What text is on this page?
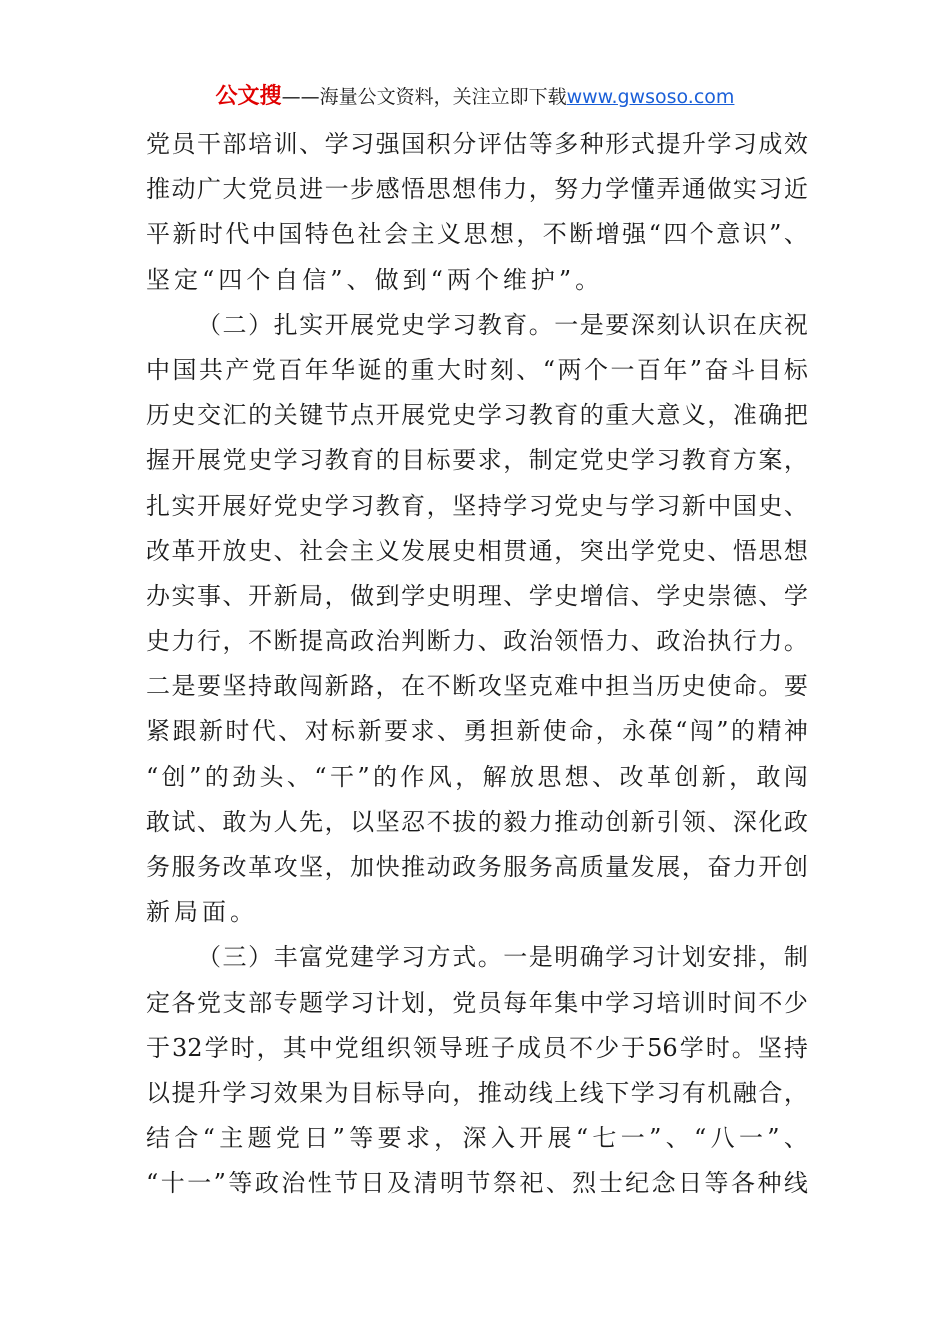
公文搜——海量公文资料，关注立即下载www.gwsoso.com
党 员 干 部 培 训 、 学 习 强 国 积 分 评 估 等 多 种 形 式 提 升 学 习 成 效
推 动 广 大 党 员 进 一 步 感 悟 思 想 伟 力 ， 努 力 学 懂 弄 通 做 实 习 近
平 新 时 代 中 国 特 色 社 会 主 义 思 想 ， 不 断 增 强 “ 四 个 意 识 ” 、
坚 定 “ 四 个 自 信 ” 、 做 到 “ 两 个 维 护 ” 。

（ 二 ） 扎 实 开 展 党 史 学 习 教 育 。 一 是 要 深 刻 认 识 在 庆 祝
中 国 共 产 党 百 年 华 诞 的 重 大 时 刻 、 “ 两 个 一 百 年 ” 奋 斗 目 标
历 史 交 汇 的 关 键 节 点 开 展 党 史 学 习 教 育 的 重 大 意 义 ， 准 确 把
握 开 展 党 史 学 习 教 育 的 目 标 要 求 ， 制 定 党 史 学 习 教 育 方 案 ，
扎 实 开 展 好 党 史 学 习 教 育 ， 坚 持 学 习 党 史 与 学 习 新 中 国 史 、
改 革 开 放 史 、 社 会 主 义 发 展 史 相 贯 通 ， 突 出 学 党 史 、 悟 思 想
办 实 事 、 开 新 局 ， 做 到 学 史 明 理 、 学 史 增 信 、 学 史 崇 德 、 学
史 力 行 ， 不 断 提 高 政 治 判 断 力 、 政 治 领 悟 力 、 政 治 执 行 力 。
二 是 要 坚 持 敢 闯 新 路 ， 在 不 断 攻 坚 克 难 中 担 当 历 史 使 命 。 要
紧 跟 新 时 代 、 对 标 新 要 求 、 勇 担 新 使 命 ， 永 葆 “ 闯 ” 的 精 神
“ 创 ” 的 劲 头 、 “ 干 ” 的 作 风 ， 解 放 思 想 、 改 革 创 新 ， 敢 闯
敢 试 、 敢 为 人 先 ， 以 坚 忍 不 拔 的 毅 力 推 动 创 新 引 领 、 深 化 政
务 服 务 改 革 攻 坚 ， 加 快 推 动 政 务 服 务 高 质 量 发 展 ， 奋 力 开 创
新 局 面 。

（ 三 ） 丰 富 党 建 学 习 方 式 。 一 是 明 确 学 习 计 划 安 排 ， 制
定 各 党 支 部 专 题 学 习 计 划 ， 党 员 每 年 集 中 学 习 培 训 时 间 不 少
于 32 学 时 ， 其 中 党 组 织 领 导 班 子 成 员 不 少 于 56 学 时 。 坚 持
以 提 升 学 习 效 果 为 目 标 导 向 ， 推 动 线 上 线 下 学 习 有 机 融 合 ，
结 合 “ 主 题 党 日 ” 等 要 求 ， 深 入 开 展 “ 七 一 ” 、 “ 八 一 ” 、
“ 十 一 ” 等 政 治 性 节 日 及 清 明 节 祭 祀 、 烈 士 纪 念 日 等 各 种 线
